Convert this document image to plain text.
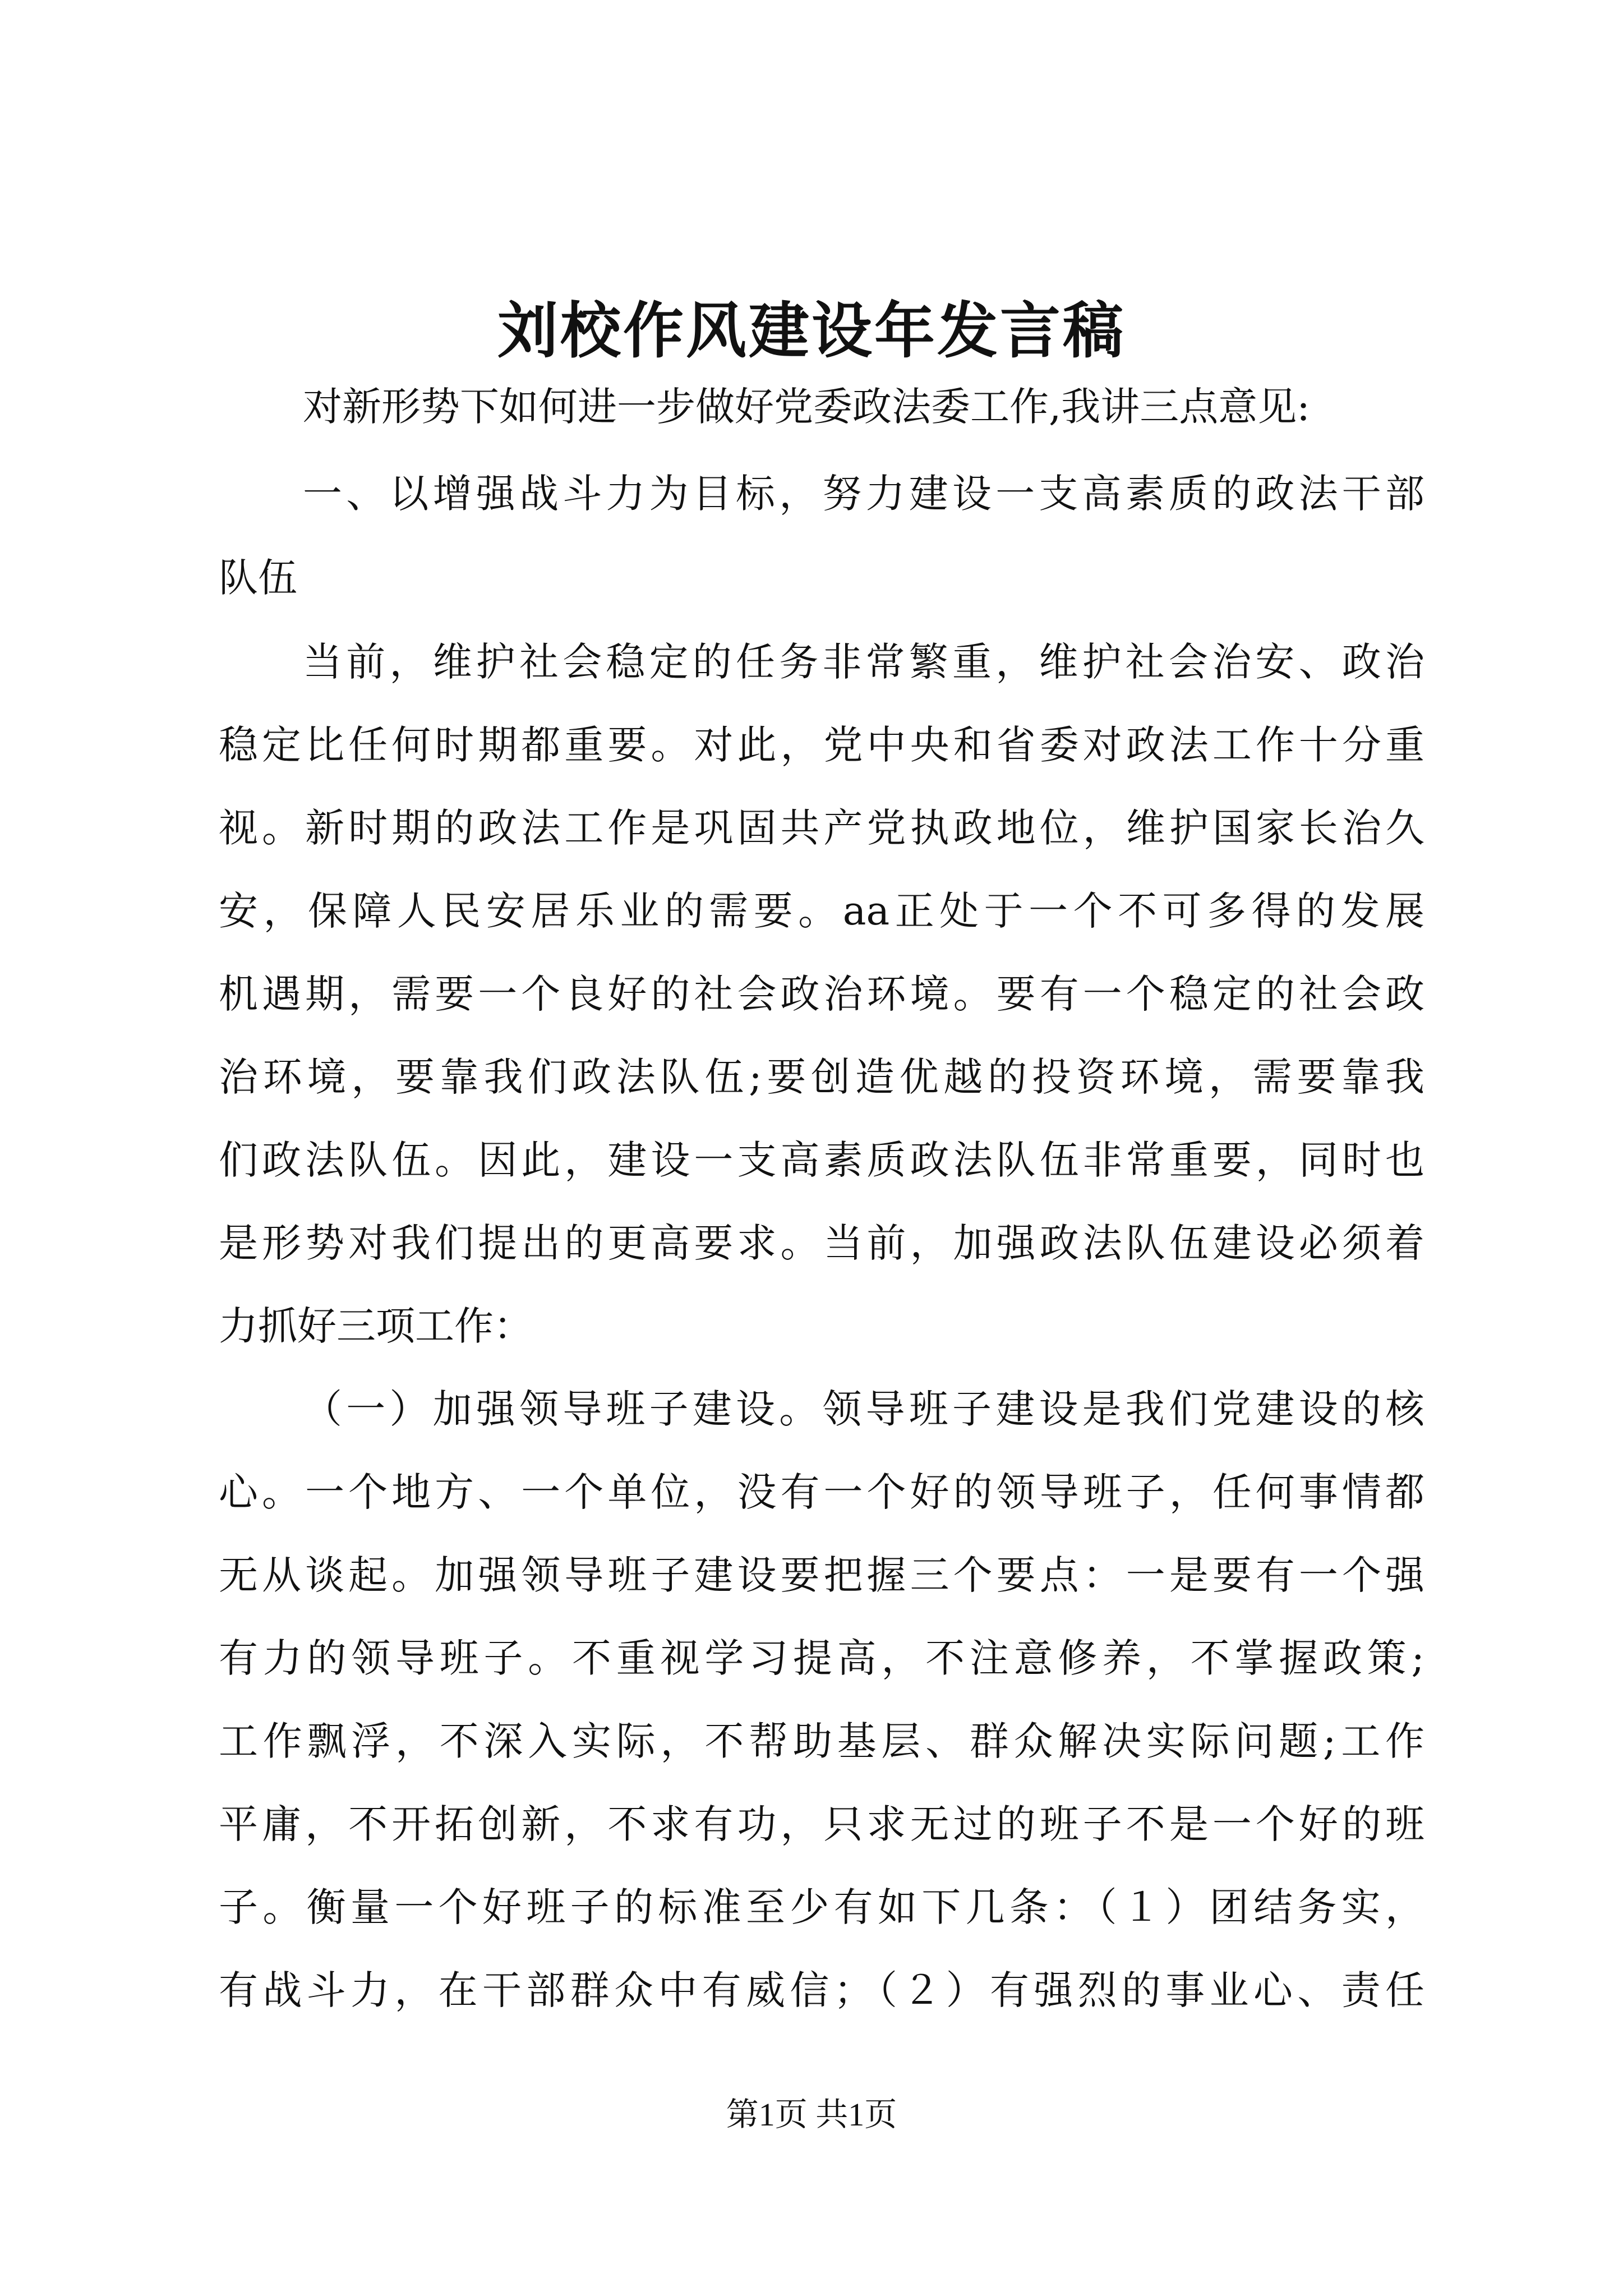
刘校作风建设年发言稿

对新形势下如何进一步做好党委政法委工作,我讲三点意见:

一、以增强战斗力为目标，努力建设一支高素质的政法干部

队伍

当前，维护社会稳定的任务非常繁重，维护社会治安、政治

稳定比任何时期都重要。对此，党中央和省委对政法工作十分重

视。新时期的政法工作是巩固共产党执政地位，维护国家长治久

安，保障人民安居乐业的需要。aa正处于一个不可多得的发展

机遇期，需要一个良好的社会政治环境。要有一个稳定的社会政

治环境，要靠我们政法队伍;要创造优越的投资环境，需要靠我

们政法队伍。因此，建设一支高素质政法队伍非常重要，同时也

是形势对我们提出的更高要求。当前，加强政法队伍建设必须着

力抓好三项工作：

（一）加强领导班子建设。领导班子建设是我们党建设的核

心。一个地方、一个单位，没有一个好的领导班子，任何事情都

无从谈起。加强领导班子建设要把握三个要点：一是要有一个强

有力的领导班子。不重视学习提高，不注意修养，不掌握政策;

工作飘浮，不深入实际，不帮助基层、群众解决实际问题;工作

平庸，不开拓创新，不求有功，只求无过的班子不是一个好的班

子。衡量一个好班子的标准至少有如下几条：（１）团结务实，

有战斗力，在干部群众中有威信；（２）有强烈的事业心、责任

第1页 共1页
